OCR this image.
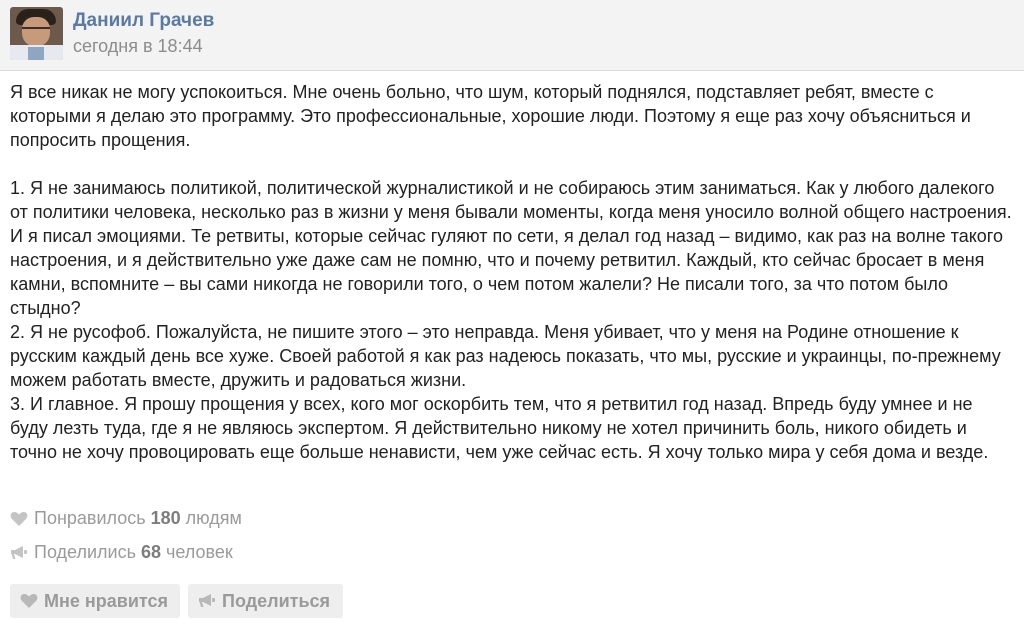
Даниил Грачев
сегодня в 18:44

Я все никак не могу успокоиться. Мне очень больно, что шум, который поднялся, подставляет ребят, вместе с которыми я делаю это программу. Это профессиональные, хорошие люди. Поэтому я еще раз хочу объясниться и попросить прощения.

1. Я не занимаюсь политикой, политической журналистикой и не собираюсь этим заниматься. Как у любого далекого от политики человека, несколько раз в жизни у меня бывали моменты, когда меня уносило волной общего настроения. И я писал эмоциями. Те ретвиты, которые сейчас гуляют по сети, я делал год назад – видимо, как раз на волне такого настроения, и я действительно уже даже сам не помню, что и почему ретвитил. Каждый, кто сейчас бросает в меня камни, вспомните – вы сами никогда не говорили того, о чем потом жалели? Не писали того, за что потом было стыдно?

2. Я не русофоб. Пожалуйста, не пишите этого – это неправда. Меня убивает, что у меня на Родине отношение к русским каждый день все хуже. Своей работой я как раз надеюсь показать, что мы, русские и украинцы, по-прежнему можем работать вместе, дружить и радоваться жизни.

3. И главное. Я прошу прощения у всех, кого мог оскорбить тем, что я ретвитил год назад. Впредь буду умнее и не буду лезть туда, где я не являюсь экспертом. Я действительно никому не хотел причинить боль, никого обидеть и точно не хочу провоцировать еще больше ненависти, чем уже сейчас есть. Я хочу только мира у себя дома и везде.

Понравилось 180 людям
Поделились 68 человек
Мне нравится	Поделиться
